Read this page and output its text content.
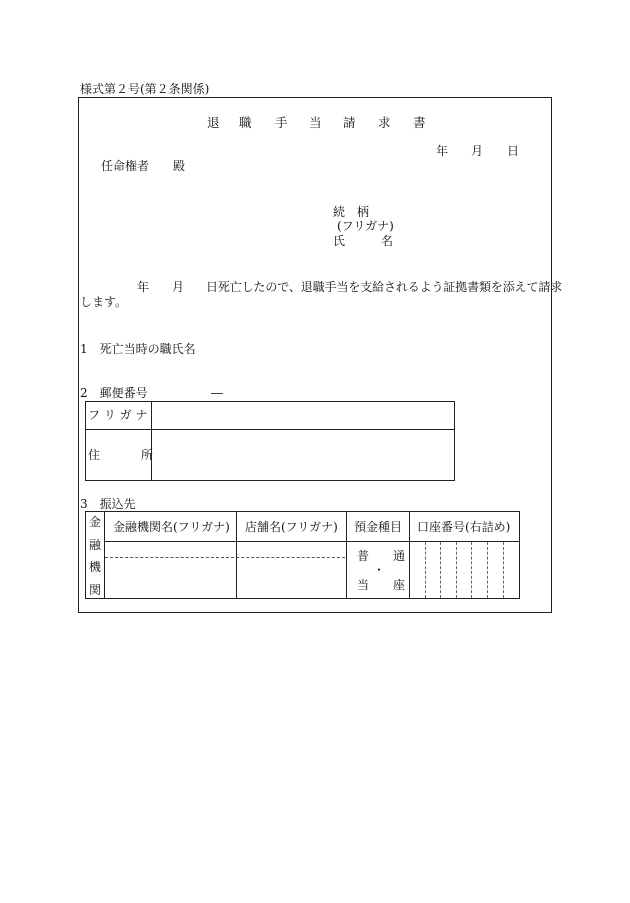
様式第２号(第２条関係)
退 職 手 当 請 求 書
年 月 日
任命権者 殿
続　柄
(フリガナ)
氏　　　名
年 月 日死亡したので、退職手当を支給されるよう証拠書類を添えて請求
します。
1　死亡当時の職氏名
2　郵便番号	―
フ リ ガ ナ
住	所
3　振込先
金
融
機
関
金融機関名(フリガナ) 店舗名(フリガナ) 預金種目 口座番号(右詰め)
普　　通
・
当　　座
